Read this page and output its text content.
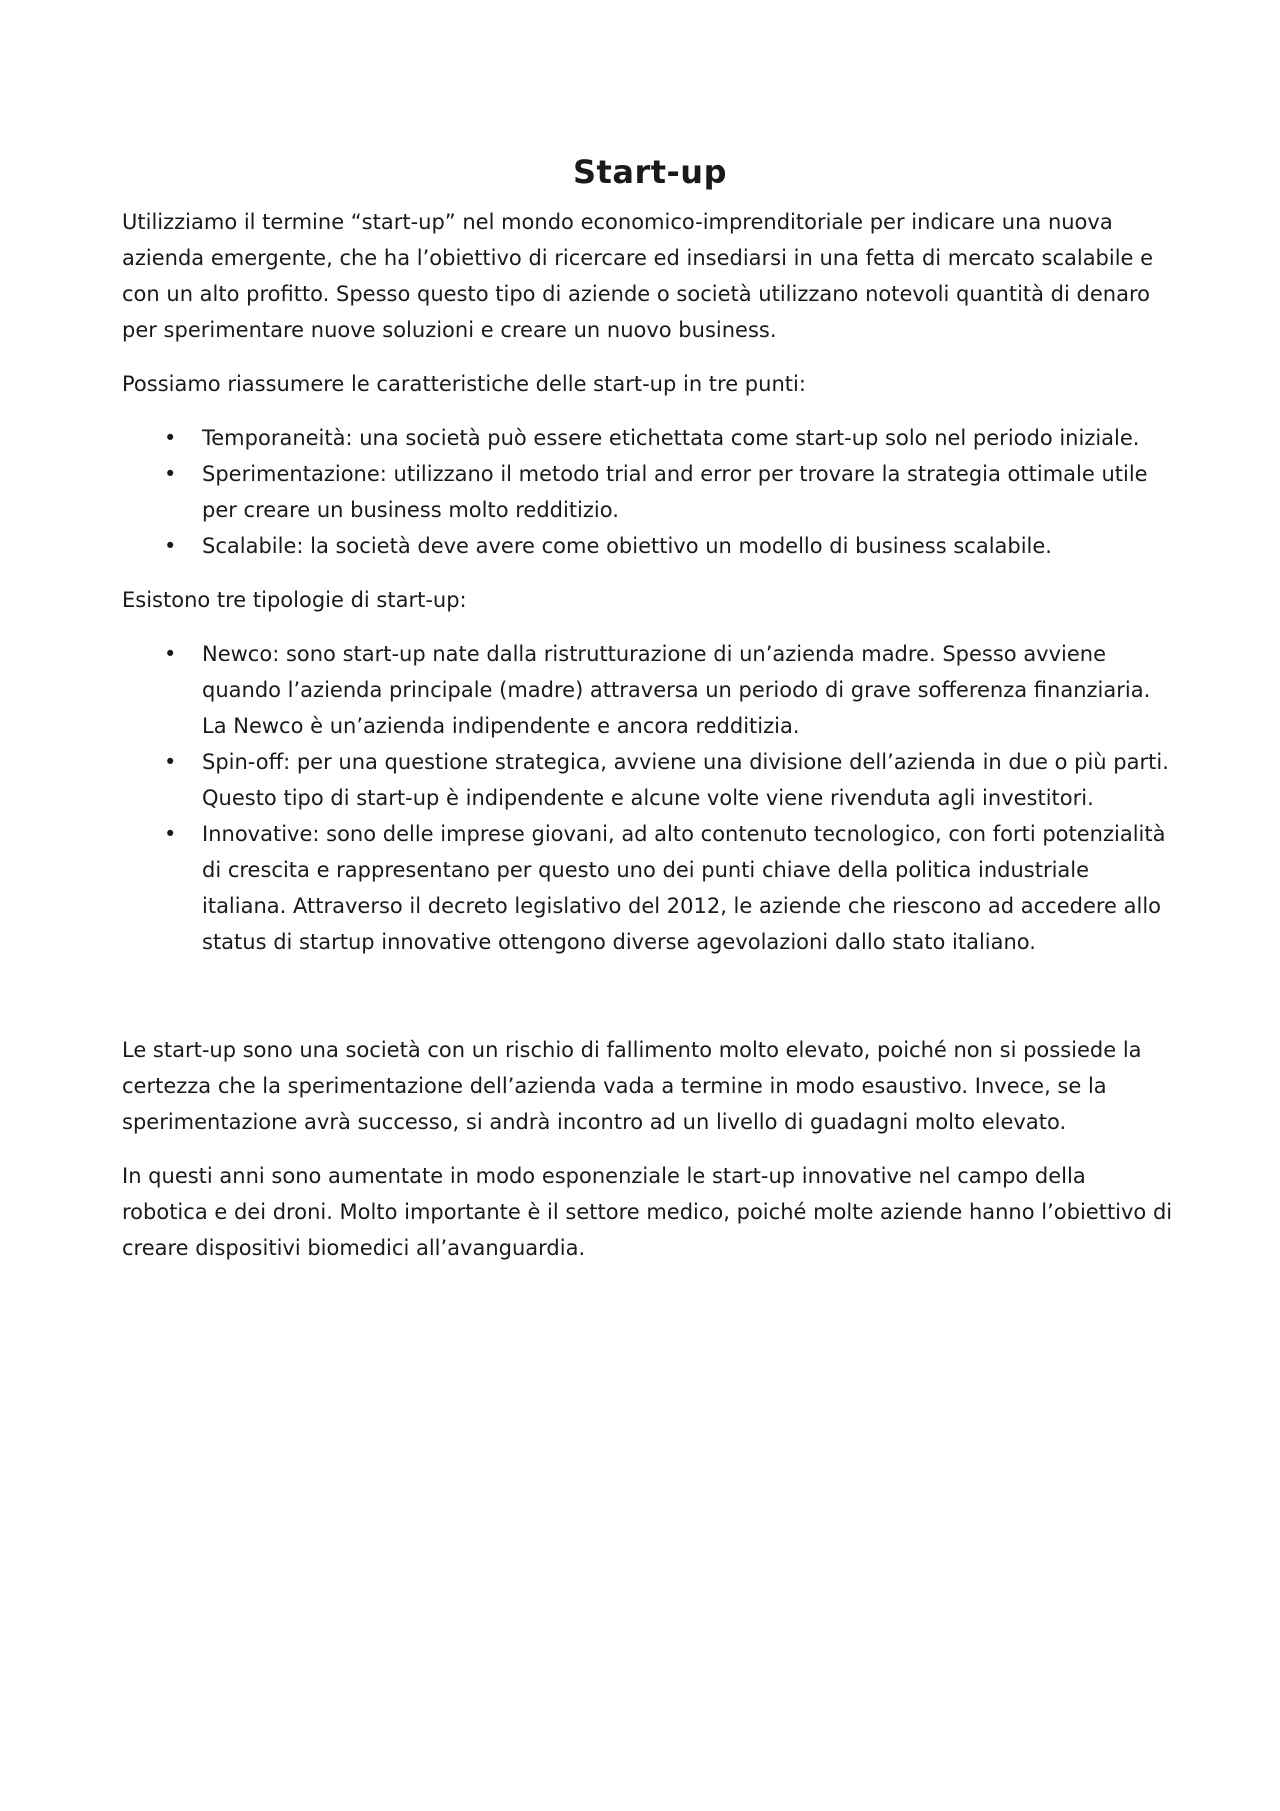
Start-up

Utilizziamo il termine “start-up” nel mondo economico-imprenditoriale per indicare una nuova azienda emergente, che ha l’obiettivo di ricercare ed insediarsi in una fetta di mercato scalabile e con un alto profitto. Spesso questo tipo di aziende o società utilizzano notevoli quantità di denaro per sperimentare nuove soluzioni e creare un nuovo business.

Possiamo riassumere le caratteristiche delle start-up in tre punti:

• Temporaneità: una società può essere etichettata come start-up solo nel periodo iniziale.
• Sperimentazione: utilizzano il metodo trial and error per trovare la strategia ottimale utile per creare un business molto redditizio.
• Scalabile: la società deve avere come obiettivo un modello di business scalabile.

Esistono tre tipologie di start-up:

• Newco: sono start-up nate dalla ristrutturazione di un’azienda madre. Spesso avviene quando l’azienda principale (madre) attraversa un periodo di grave sofferenza finanziaria. La Newco è un’azienda indipendente e ancora redditizia.
• Spin-off: per una questione strategica, avviene una divisione dell’azienda in due o più parti. Questo tipo di start-up è indipendente e alcune volte viene rivenduta agli investitori.
• Innovative: sono delle imprese giovani, ad alto contenuto tecnologico, con forti potenzialità di crescita e rappresentano per questo uno dei punti chiave della politica industriale italiana. Attraverso il decreto legislativo del 2012, le aziende che riescono ad accedere allo status di startup innovative ottengono diverse agevolazioni dallo stato italiano.

Le start-up sono una società con un rischio di fallimento molto elevato, poiché non si possiede la certezza che la sperimentazione dell’azienda vada a termine in modo esaustivo. Invece, se la sperimentazione avrà successo, si andrà incontro ad un livello di guadagni molto elevato.

In questi anni sono aumentate in modo esponenziale le start-up innovative nel campo della robotica e dei droni. Molto importante è il settore medico, poiché molte aziende hanno l’obiettivo di creare dispositivi biomedici all’avanguardia.
